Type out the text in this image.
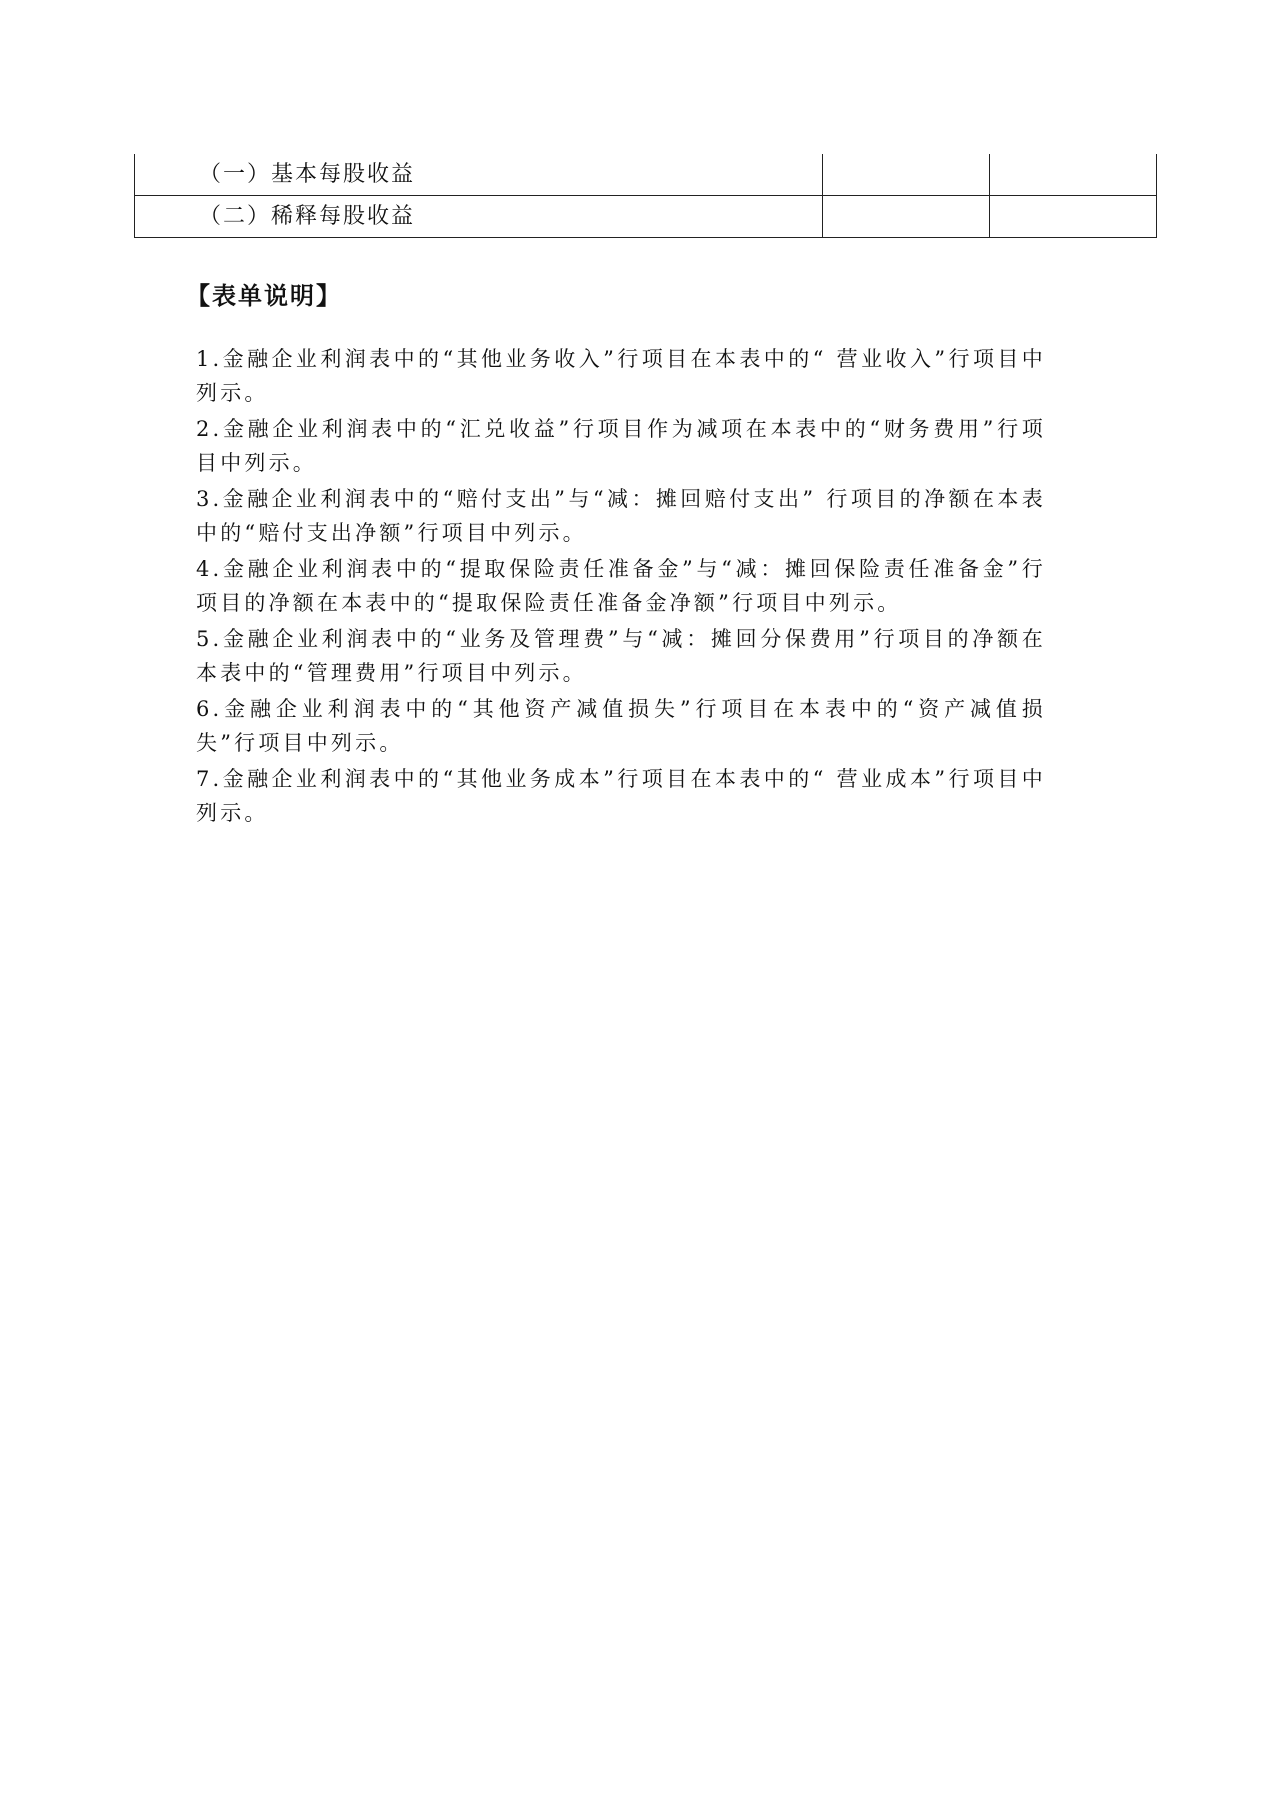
（一）基本每股收益		
（二）稀释每股收益		
【表单说明】
1.金融企业利润表中的“其他业务收入”行项目在本表中的“ 营业收入”行项目中列示。
2.金融企业利润表中的“汇兑收益”行项目作为减项在本表中的“财务费用”行项目中列示。
3.金融企业利润表中的“赔付支出”与“减：摊回赔付支出” 行项目的净额在本表中的“赔付支出净额”行项目中列示。
4.金融企业利润表中的“提取保险责任准备金”与“减：摊回保险责任准备金”行项目的净额在本表中的“提取保险责任准备金净额”行项目中列示。
5.金融企业利润表中的“业务及管理费”与“减：摊回分保费用”行项目的净额在本表中的“管理费用”行项目中列示。
6.金融企业利润表中的“其他资产减值损失”行项目在本表中的“资产减值损失”行项目中列示。
7.金融企业利润表中的“其他业务成本”行项目在本表中的“ 营业成本”行项目中列示。
